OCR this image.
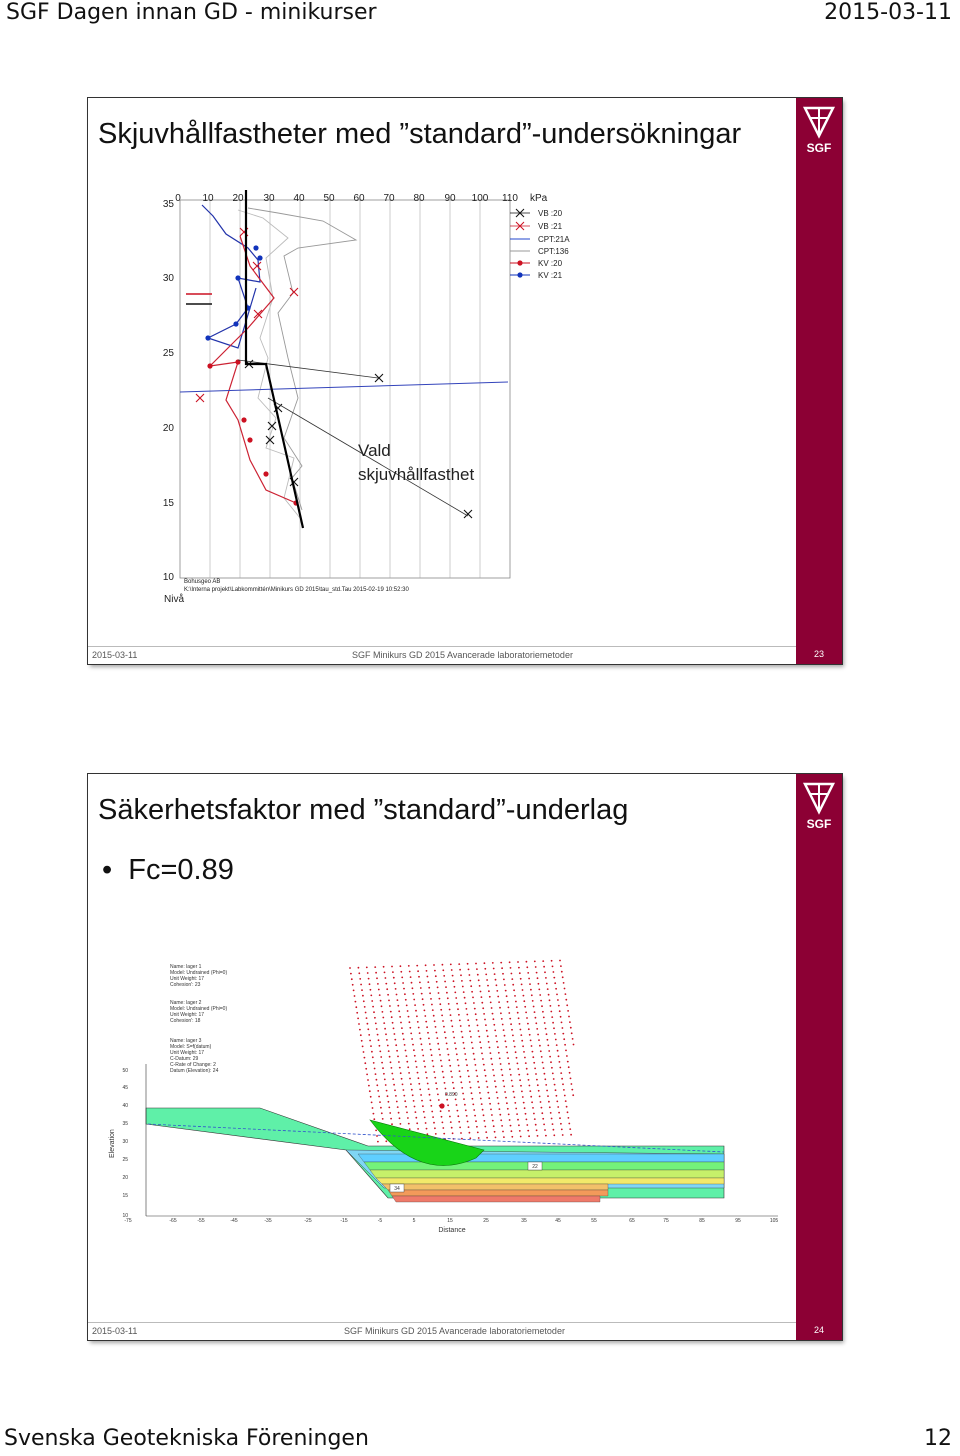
SGF Dagen innan GD - minikurser	2015-03-11
SGF
Skjuvhållfastheter med ”standard”-undersökningar
0 10 20 30 40 50 60 70 80 90 100 110 kPa
35
30
25
20
15
10
Nivå
VB :20
VB :21
CPT:21A
CPT:136
KV :20
KV :21
Vald
skjuvhållfasthet
Bohusgeo AB
K:\Interna projekt\Labkommittén\Minikurs GD 2015\tau_std.Tau 2015-02-19 10:52:30
2015-03-11	SGF Minikurs GD 2015 Avancerade laboratoriemetoder	23
SGF
Säkerhetsfaktor med ”standard”-underlag
•  Fc=0.89
Name: lager 1
Model: Undrained (Phi=0)
Unit Weight: 17
Cohesion': 23
Name: lager 2
Model: Undrained (Phi=0)
Unit Weight: 17
Cohesion': 18
Name: lager 3
Model: S=f(datum)
Unit Weight: 17
C-Datum: 29
C-Rate of Change: 2
Datum (Elevation): 24
0.890
22
34
50
45
40
35
30
25
20
15
10
Elevation
-75	-65	-55	-45	-35	-25	-15	-5	5	15	25	35	45	55	65	75	85	95	105
Distance
2015-03-11	SGF Minikurs GD 2015 Avancerade laboratoriemetoder	24
Svenska Geotekniska Föreningen	12
